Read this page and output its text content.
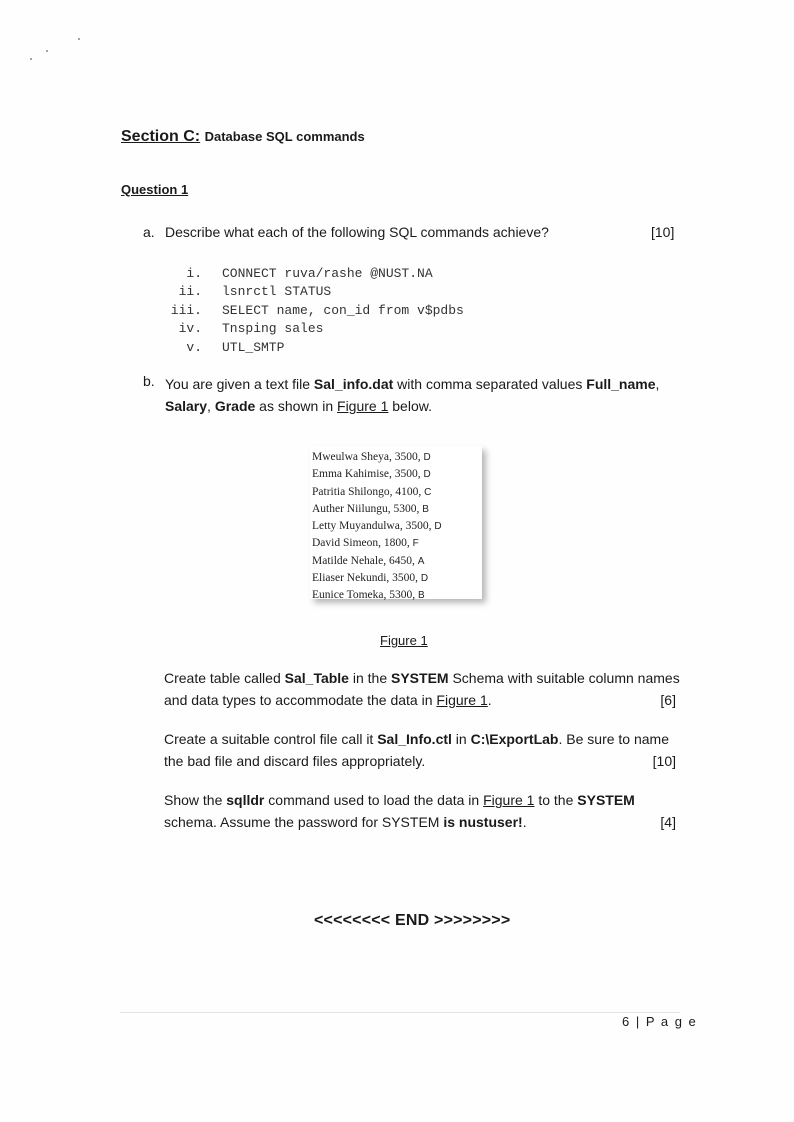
Section C: Database SQL commands
Question 1
a. Describe what each of the following SQL commands achieve?	[10]
i.	CONNECT ruva/rashe @NUST.NA
ii.	lsnrctl STATUS
iii.	SELECT name, con_id from v$pdbs
iv.	Tnsping sales
v.	UTL_SMTP
b. You are given a text file Sal_info.dat with comma separated values Full_name,
Salary, Grade as shown in Figure 1 below.
Mweulwa Sheya, 3500, D
Emma Kahimise, 3500, D
Patritia Shilongo, 4100, C
Auther Niilungu, 5300, B
Letty Muyandulwa, 3500, D
David Simeon, 1800, F
Matilde Nehale, 6450, A
Eliaser Nekundi, 3500, D
Eunice Tomeka, 5300, B
Figure 1
Create table called Sal_Table in the SYSTEM Schema with suitable column names and data types to accommodate the data in Figure 1.	[6]
Create a suitable control file call it Sal_Info.ctl in C:\ExportLab. Be sure to name the bad file and discard files appropriately.	[10]
Show the sqlldr command used to load the data in Figure 1 to the SYSTEM schema. Assume the password for SYSTEM is nustuser!.	[4]
<<<<<<<< END >>>>>>>>
6 | P a g e
